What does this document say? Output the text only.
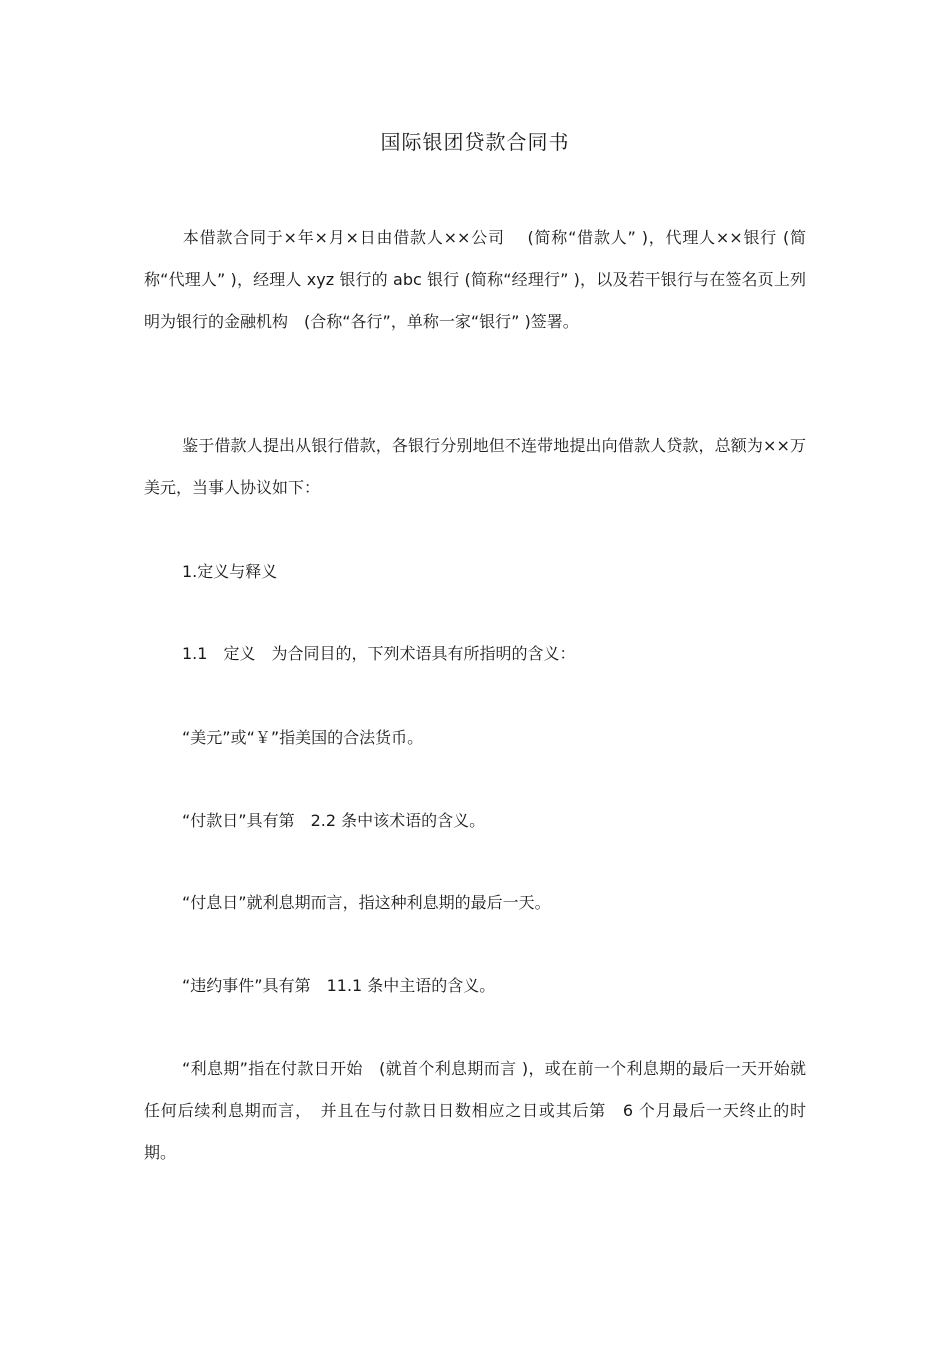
国际银团贷款合同书

本借款合同于×年×月×日由借款人××公司　 (简称“借款人” )，代理人××银行 (简称“代理人” )，经理人 xyz 银行的 abc 银行 (简称“经理行” )，以及若干银行与在签名页上列明为银行的金融机构　(合称“各行”，单称一家“银行” )签署。

鉴于借款人提出从银行借款，各银行分别地但不连带地提出向借款人贷款，总额为××万美元，当事人协议如下：

1.定义与释义
1.1　定义　为合同目的，下列术语具有所指明的含义：
“美元”或“￥”指美国的合法货币。
“付款日”具有第　2.2 条中该术语的含义。
“付息日”就利息期而言，指这种利息期的最后一天。
“违约事件”具有第　11.1 条中主语的含义。

“利息期”指在付款日开始　(就首个利息期而言 )，或在前一个利息期的最后一天开始就任何后续利息期而言，　并且在与付款日日数相应之日或其后第　6 个月最后一天终止的时期。
